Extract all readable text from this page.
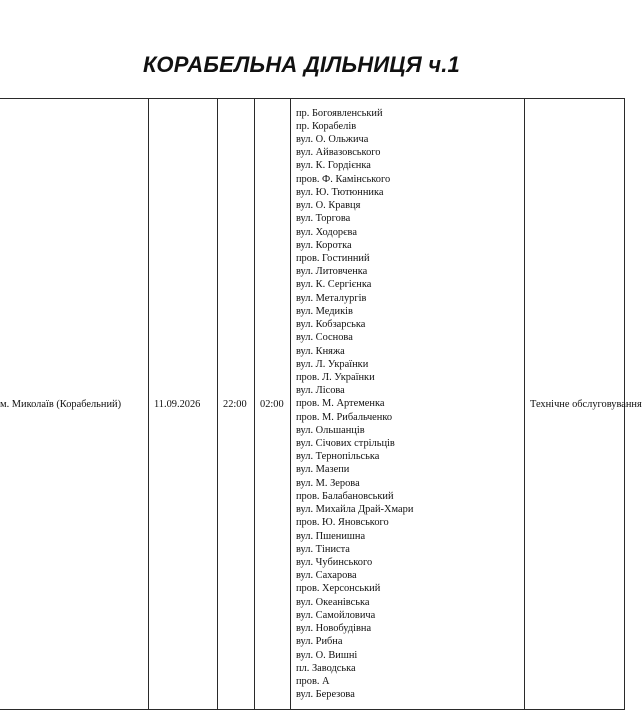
КОРАБЕЛЬНА ДІЛЬНИЦЯ ч.1
м. Миколаїв (Корабельний)	11.09.2026	22:00	02:00	
пр. Богоявленський
пр. Корабелів
вул. О. Ольжича
вул. Айвазовського
вул. К. Гордієнка
пров. Ф. Камінського
вул. Ю. Тютюнника
вул. О. Кравця
вул. Торгова
вул. Ходорєва
вул. Коротка
пров. Гостинний
вул. Литовченка
вул. К. Сергієнка
вул. Металургів
вул. Медиків
вул. Кобзарська
вул. Соснова
вул. Княжа
вул. Л. Українки
пров. Л. Українки
вул. Лісова
пров. М. Артеменка
пров. М. Рибальченко
вул. Ольшанців
вул. Січових стрільців
вул. Тернопільська
вул. Мазепи
вул. М. Зерова
пров. Балабановський
вул. Михайла Драй-Хмари
пров. Ю. Яновського
вул. Пшенишна
вул. Тіниста
вул. Чубинського
вул. Сахарова
пров. Херсонський
вул. Океанівська
вул. Самойловича
вул. Новобудівна
вул. Рибна
вул. О. Вишні
пл. Заводська
пров. А
вул. Березова
	Технічне обслуговування
